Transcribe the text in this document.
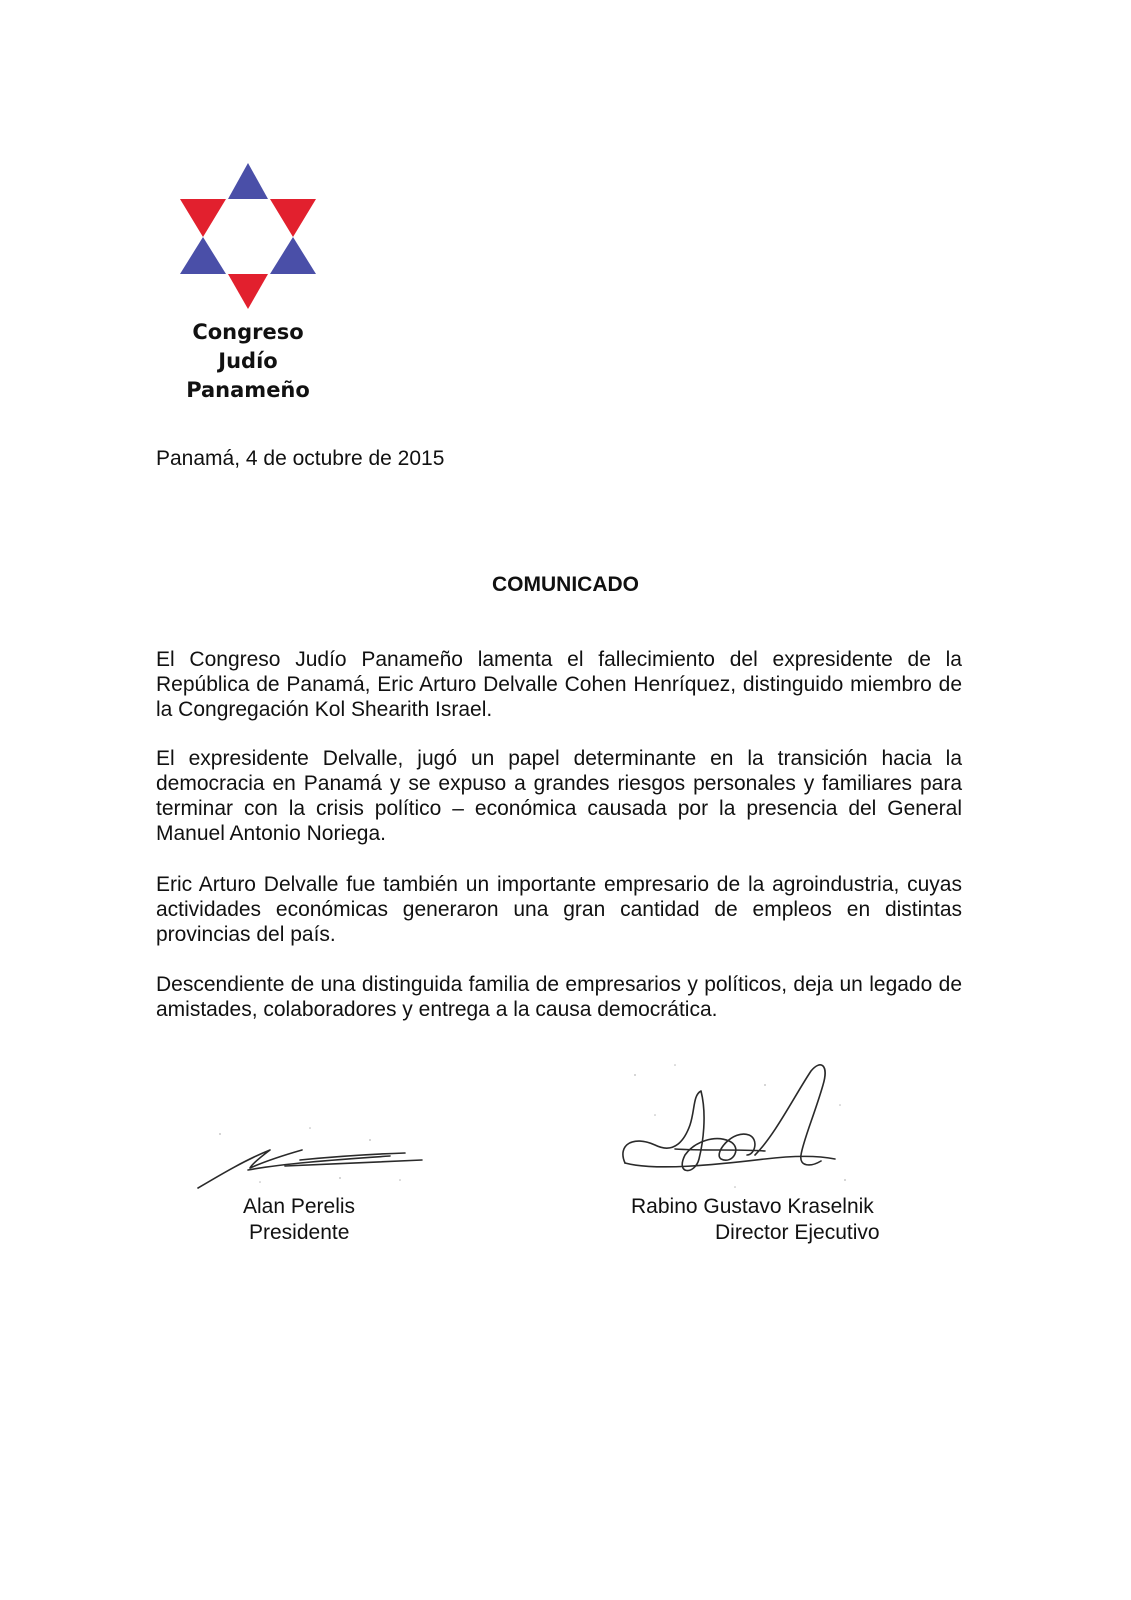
Congreso
Judío
Panameño
Panamá, 4 de octubre de 2015
COMUNICADO

El Congreso Judío Panameño lamenta el fallecimiento del expresidente de la República de Panamá, Eric Arturo Delvalle Cohen Henríquez, distinguido miembro de la Congregación Kol Shearith Israel.

El expresidente Delvalle, jugó un papel determinante en la transición hacia la democracia en Panamá y se expuso a grandes riesgos personales y familiares para terminar con la crisis político – económica causada por la presencia del General Manuel Antonio Noriega.

Eric Arturo Delvalle fue también un importante empresario de la agroindustria, cuyas actividades económicas generaron una gran cantidad de empleos en distintas provincias del país.

Descendiente de una distinguida familia de empresarios y políticos, deja un legado de amistades, colaboradores y entrega a la causa democrática.

Alan Perelis
Presidente
Rabino Gustavo Kraselnik
Director Ejecutivo
